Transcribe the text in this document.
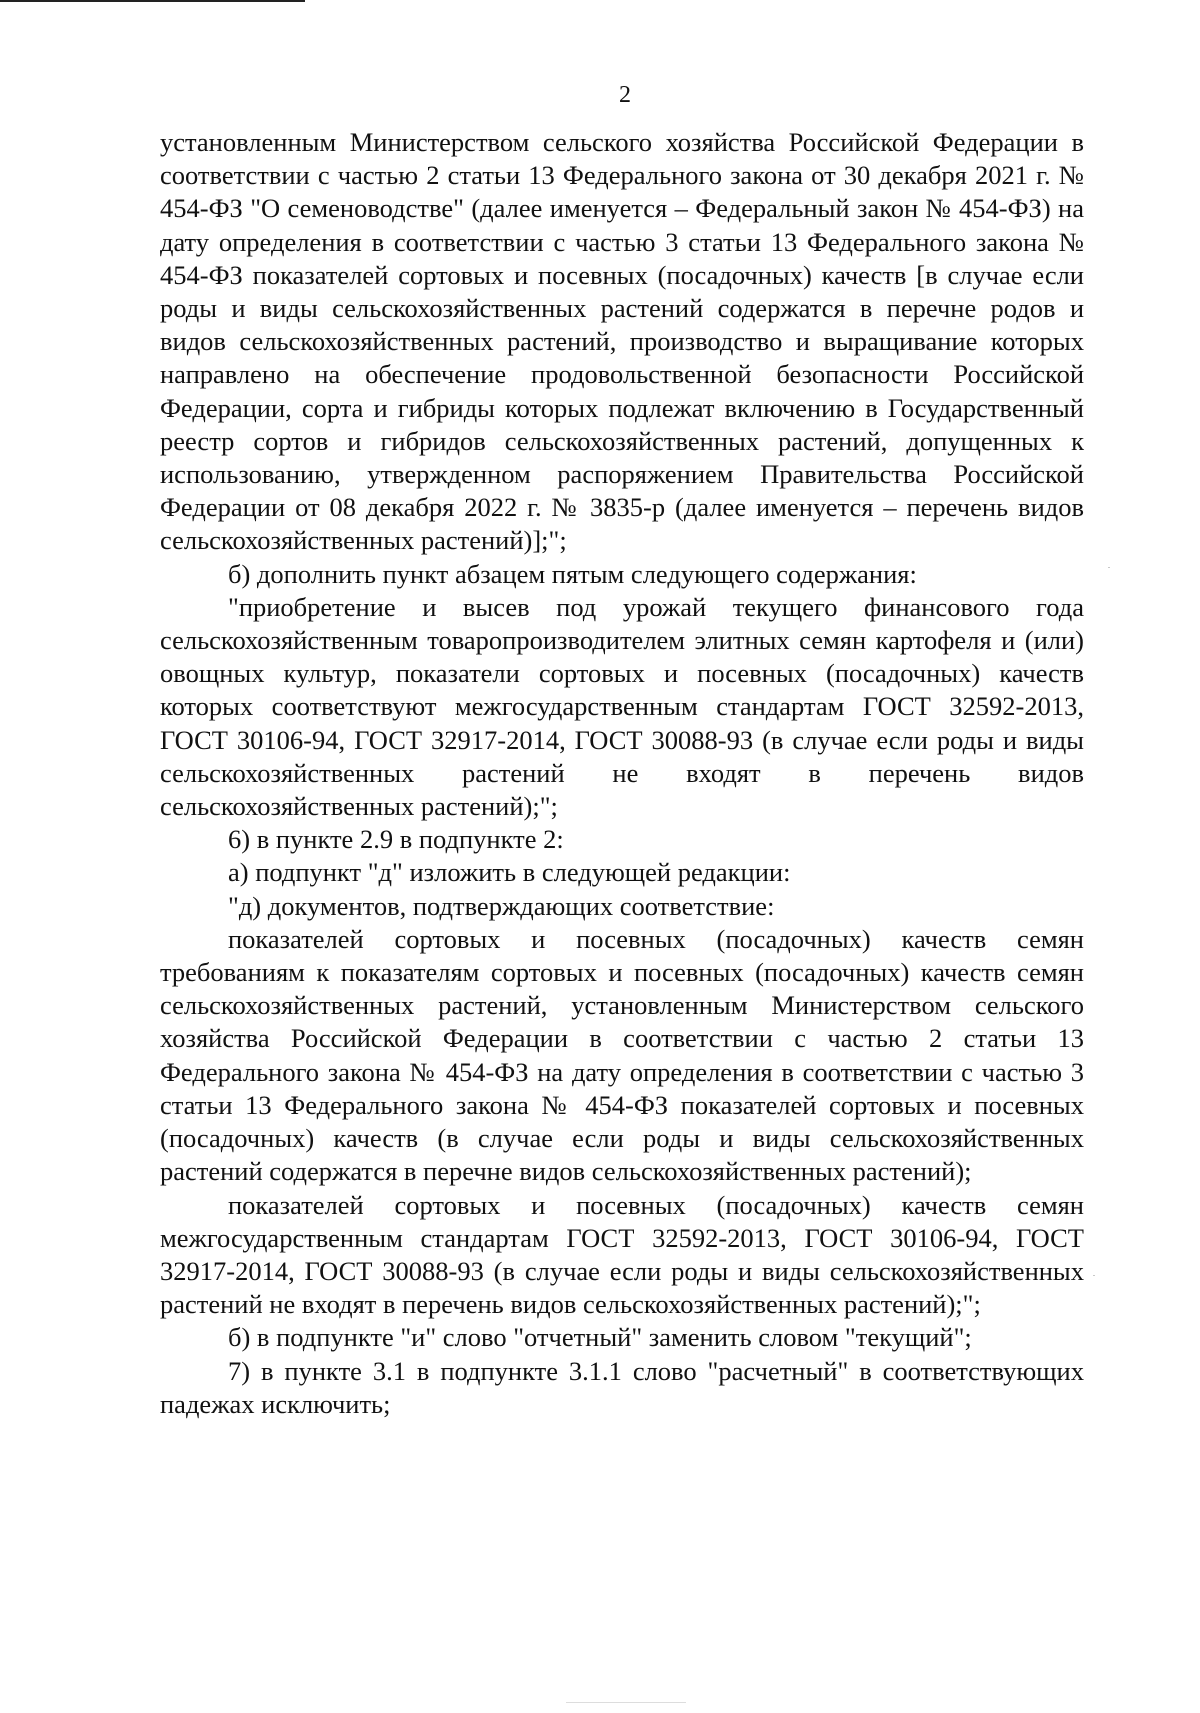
2

установленным Министерством сельского хозяйства Российской Федерации в соответствии с частью 2 статьи 13 Федерального закона от 30 декабря 2021 г. № 454-ФЗ "О семеноводстве" (далее именуется – Федеральный закон № 454-ФЗ) на дату определения в соответствии с частью 3 статьи 13 Федерального закона № 454-ФЗ показателей сортовых и посевных (посадочных) качеств [в случае если роды и виды сельскохозяйственных растений содержатся в перечне родов и видов сельскохозяйственных растений, производство и выращивание которых направлено на обеспечение продовольственной безопасности Российской Федерации, сорта и гибриды которых подлежат включению в Государственный реестр сортов и гибридов сельскохозяйственных растений, допущенных к использованию, утвержденном распоряжением Правительства Российской Федерации от 08 декабря 2022 г. № 3835-р (далее именуется – перечень видов сельскохозяйственных растений)];";

б) дополнить пункт абзацем пятым следующего содержания:

"приобретение и высев под урожай текущего финансового года сельскохозяйственным товаропроизводителем элитных семян картофеля и (или) овощных культур, показатели сортовых и посевных (посадочных) качеств которых соответствуют межгосударственным стандартам ГОСТ 32592-2013, ГОСТ 30106-94, ГОСТ 32917-2014, ГОСТ 30088-93 (в случае если роды и виды сельскохозяйственных растений не входят в перечень видов сельскохозяйственных растений);";

6) в пункте 2.9 в подпункте 2:

а) подпункт "д" изложить в следующей редакции:

"д) документов, подтверждающих соответствие:

показателей сортовых и посевных (посадочных) качеств семян требованиям к показателям сортовых и посевных (посадочных) качеств семян сельскохозяйственных растений, установленным Министерством сельского хозяйства Российской Федерации в соответствии с частью 2 статьи 13 Федерального закона № 454-ФЗ на дату определения в соответствии с частью 3 статьи 13 Федерального закона № 454-ФЗ показателей сортовых и посевных (посадочных) качеств (в случае если роды и виды сельскохозяйственных растений содержатся в перечне видов сельскохозяйственных растений);

показателей сортовых и посевных (посадочных) качеств семян межгосударственным стандартам ГОСТ 32592-2013, ГОСТ 30106-94, ГОСТ 32917-2014, ГОСТ 30088-93 (в случае если роды и виды сельскохозяйственных растений не входят в перечень видов сельскохозяйственных растений);";

б) в подпункте "и" слово "отчетный" заменить словом "текущий";

7) в пункте 3.1 в подпункте 3.1.1 слово "расчетный" в соответствующих падежах исключить;
